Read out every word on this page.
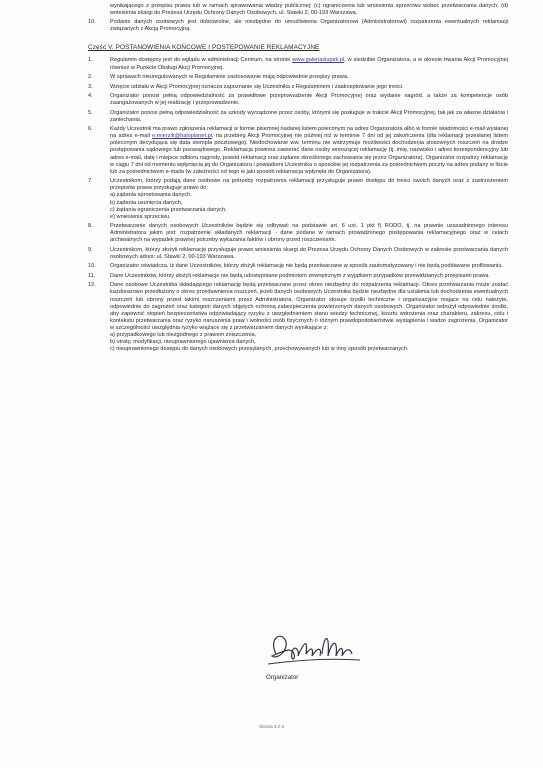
wynikającego z przepisu prawa lub w ramach sprawowania władzy publicznej; (c) ograniczenia lub wniesienia sprzeciwu wobec przetwarzania danych; (d) wniesienia skargi do Prezesa Urzędu Ochrony Danych Osobowych, ul. Stawki 2, 00-193 Warszawa.
10.	Podanie danych osobowych jest dobrowolne, ale niezbędne do umożliwienia Organizatorowi (Administratorowi) rozpatrzenia ewentualnych reklamacji związanych z Akcją Promocyjną.
Część V. POSTANOWIENIA KOŃCOWE I POSTĘPOWANIE REKLAMACYJNE
1.	Regulamin dostępny jest do wglądu w administracji Centrum, na stronie www.galeriaslupsk.pl, w siedzibie Organizatora, a w okresie trwania Akcji Promocyjnej również w Punkcie Obsługi Akcji Promocyjnej.
2.	W sprawach nieuregulowanych w Regulaminie zastosowanie mają odpowiednie przepisy prawa.
3.	Wzięcie udziału w Akcji Promocyjnej oznacza zapoznanie się Uczestnika z Regulaminem i zaakceptowanie jego treści.
4.	Organizator ponosi pełną odpowiedzialność za prawidłowe przeprowadzenie Akcji Promocyjnej oraz wydanie nagród, a także za kompetencje osób zaangażowanych w jej realizację i przeprowadzenie.
5.	Organizator ponosi pełną odpowiedzialność za szkody wyrządzone przez osoby, którymi się posługuje w trakcie Akcji Promocyjnej, tak jak za własne działania i zaniechania.
6.	Każdy Uczestnik ma prawo zgłoszenia reklamacji w formie pisemnej nadanej listem poleconym na adres Organizatora albo w formie wiadomości e-mail wysłanej na adres e-mail e.mierzik@haloplanet.pl, na przebieg Akcji Promocyjnej nie później niż w terminie 7 dni od jej zakończenia (dla reklamacji przesłanej listem poleconym decydująca się data stempla pocztowego). Niedochowanie ww. terminu nie wstrzymuje możliwości dochodzenia stosownych roszczeń na drodze postępowania sądowego lub pozasądowego. Reklamacja powinna zawierać dane osoby wnoszącej reklamację (tj. imię, nazwisko i adres korespondencyjny lub adres e-mail, datę i miejsce odbioru nagrody, powód reklamacji oraz żądanie określonego zachowania się przez Organizatora). Organizator rozpatrzy reklamację w ciągu 7 dni od momentu wpłynięcia jej do Organizatora i powiadomi Uczestnika o sposobie jej rozpatrzenia za pośrednictwem poczty na adres podany w liście lub za pośrednictwem e-maila (w zależności od tego w jaki sposób reklamacja wpłynęła do Organizatora).
7.	Uczestnikom, którzy podają dane osobowe na potrzeby rozpatrzenia reklamacji przysługuje prawo dostępu do treści swoich danych oraz z zastrzeżeniem przepisów prawa przysługuje prawo do:
a) żądania sprostowania danych,
b) żądania usunięcia danych,
c) żądania ograniczenia przetwarzania danych,
e) wniesienia sprzeciwu.
8.	Przetwarzanie danych osobowych Uczestników będzie się odbywać na podstawie art. 6 ust. 1 pkt f) RODO, tj. na prawnie uzasadnionego interesu Administratora jakim jest: rozpatrzenie składanych reklamacji - dane podane w ramach prowadzonego postępowania reklamacyjnego oraz w celach archiwalnych na wypadek prawnej potrzeby wykazania faktów i obrony przed roszczeniami.
9.	Uczestnikom, którzy złożyli reklamację przysługuje prawo wniesienia skargi do Prezesa Urzędu Ochrony Danych Osobowych w zakresie przetwarzania danych osobowych adres: ul. Stawki 2, 00-193 Warszawa.
10.	Organizator oświadcza, iż dane Uczestników, którzy złożyli reklamację nie będą przetwarzane w sposób zautomatyzowany i nie będą poddawane profilowaniu.
11.	Dane Uczestników, którzy złożyli reklamacje nie będą udostępniane podmiotom zewnętrznym z wyjątkiem przypadków przewidzianych przepisami prawa.
12.	Dane osobowe Uczestnika składającego reklamację będą przetwarzane przez okres niezbędny do rozpatrzenia reklamacji. Okres przetwarzania może zostać każdorazowo przedłużony o okres przedawnienia roszczeń, jeżeli danych osobowych Uczestnika będzie niezbędne dla ustalenia lub dochodzenia ewentualnych roszczeń lub obrony przed takimi roszczeniami przez Administratora. Organizator stosuje środki techniczne i organizacyjne mające na celu należyte, odpowiednie do zagrożeń oraz kategorii danych objętych ochroną zabezpieczenia powierzonych danych osobowych. Organizator wdrożył odpowiednie środki, aby zapewnić stopień bezpieczeństwa odpowiadający ryzyku z uwzględnieniem stanu wiedzy technicznej, kosztu wdrożenia oraz charakteru, zakresu, celu i kontekstu przetwarzania oraz ryzyko naruszenia praw i wolności osób fizycznych o różnym prawdopodobieństwie wystąpienia i wadze zagrożenia. Organizator w szczególności uwzględnia ryzyko wiążące się z przetwarzaniem danych wynikające z:
a) przypadkowego lub niezgodnego z prawem zniszczenia,
b) utraty, modyfikacji, nieuprawnionego ujawnienia danych,
c) nieuprawnionego dostępu do danych osobowych przesyłanych, przechowywanych lub w inny sposób przetwarzanych.
Organizator
Strona 3 z 3
